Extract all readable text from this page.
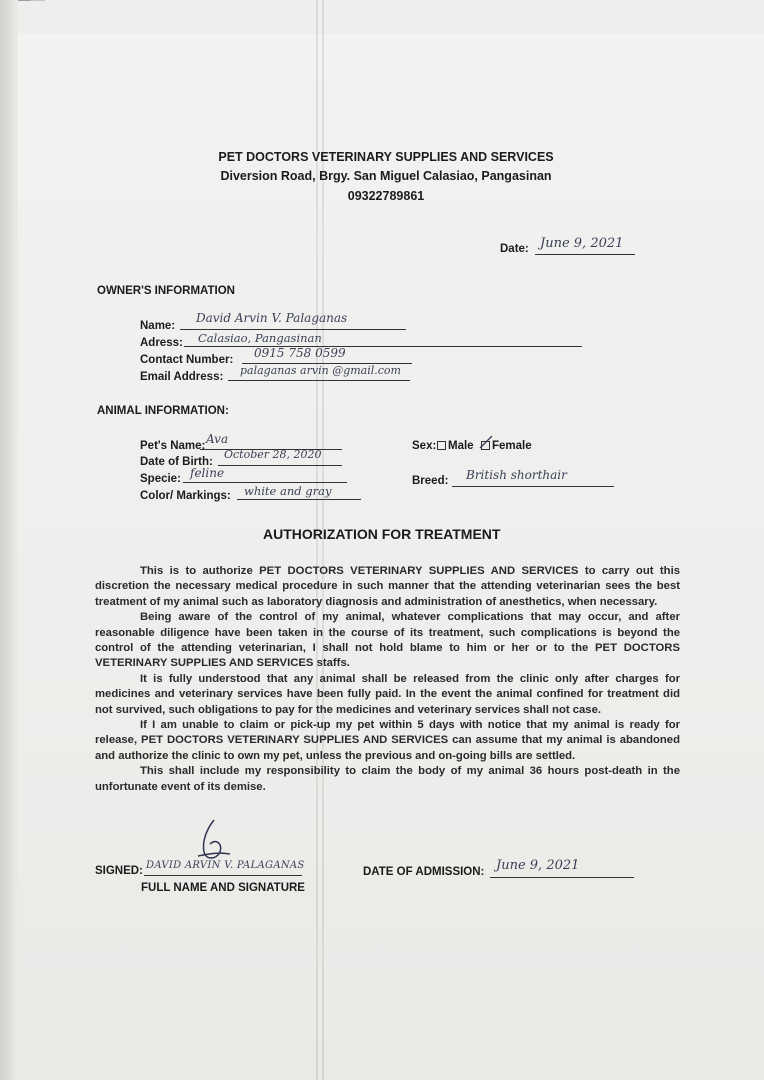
PET DOCTORS VETERINARY SUPPLIES AND SERVICES
Diversion Road, Brgy. San Miguel Calasiao, Pangasinan
09322789861
Date: June 9, 2021
OWNER'S INFORMATION
Name:
David Arvin V. Palaganas
Adress: Calasiao, Pangasinan
Contact Number: 0915 758 0599
Email Address: palaganas arvin @gmail.com
ANIMAL INFORMATION:
Pet's Name: Ava
Date of Birth:
October 28, 2020
Specie: feline
Color/ Markings: white and gray
Sex: Male Female
Breed: British shorthair
AUTHORIZATION FOR TREATMENT
This is to authorize PET DOCTORS VETERINARY SUPPLIES AND SERVICES to carry out this discretion the necessary medical procedure in such manner that the attending veterinarian sees the best treatment of my animal such as laboratory diagnosis and administration of anesthetics, when necessary.
Being aware of the control of my animal, whatever complications that may occur, and after reasonable diligence have been taken in the course of its treatment, such complications is beyond the control of the attending veterinarian, I shall not hold blame to him or her or to the PET DOCTORS VETERINARY SUPPLIES AND SERVICES staffs.
It is fully understood that any animal shall be released from the clinic only after charges for medicines and veterinary services have been fully paid. In the event the animal confined for treatment did not survived, such obligations to pay for the medicines and veterinary services shall not case.
If I am unable to claim or pick-up my pet within 5 days with notice that my animal is ready for release, PET DOCTORS VETERINARY SUPPLIES AND SERVICES can assume that my animal is abandoned and authorize the clinic to own my pet, unless the previous and on-going bills are settled.
This shall include my responsibility to claim the body of my animal 36 hours post-death in the unfortunate event of its demise.
SIGNED: DAVID ARVIN V. PALAGANAS
FULL NAME AND SIGNATURE
DATE OF ADMISSION: June 9, 2021
